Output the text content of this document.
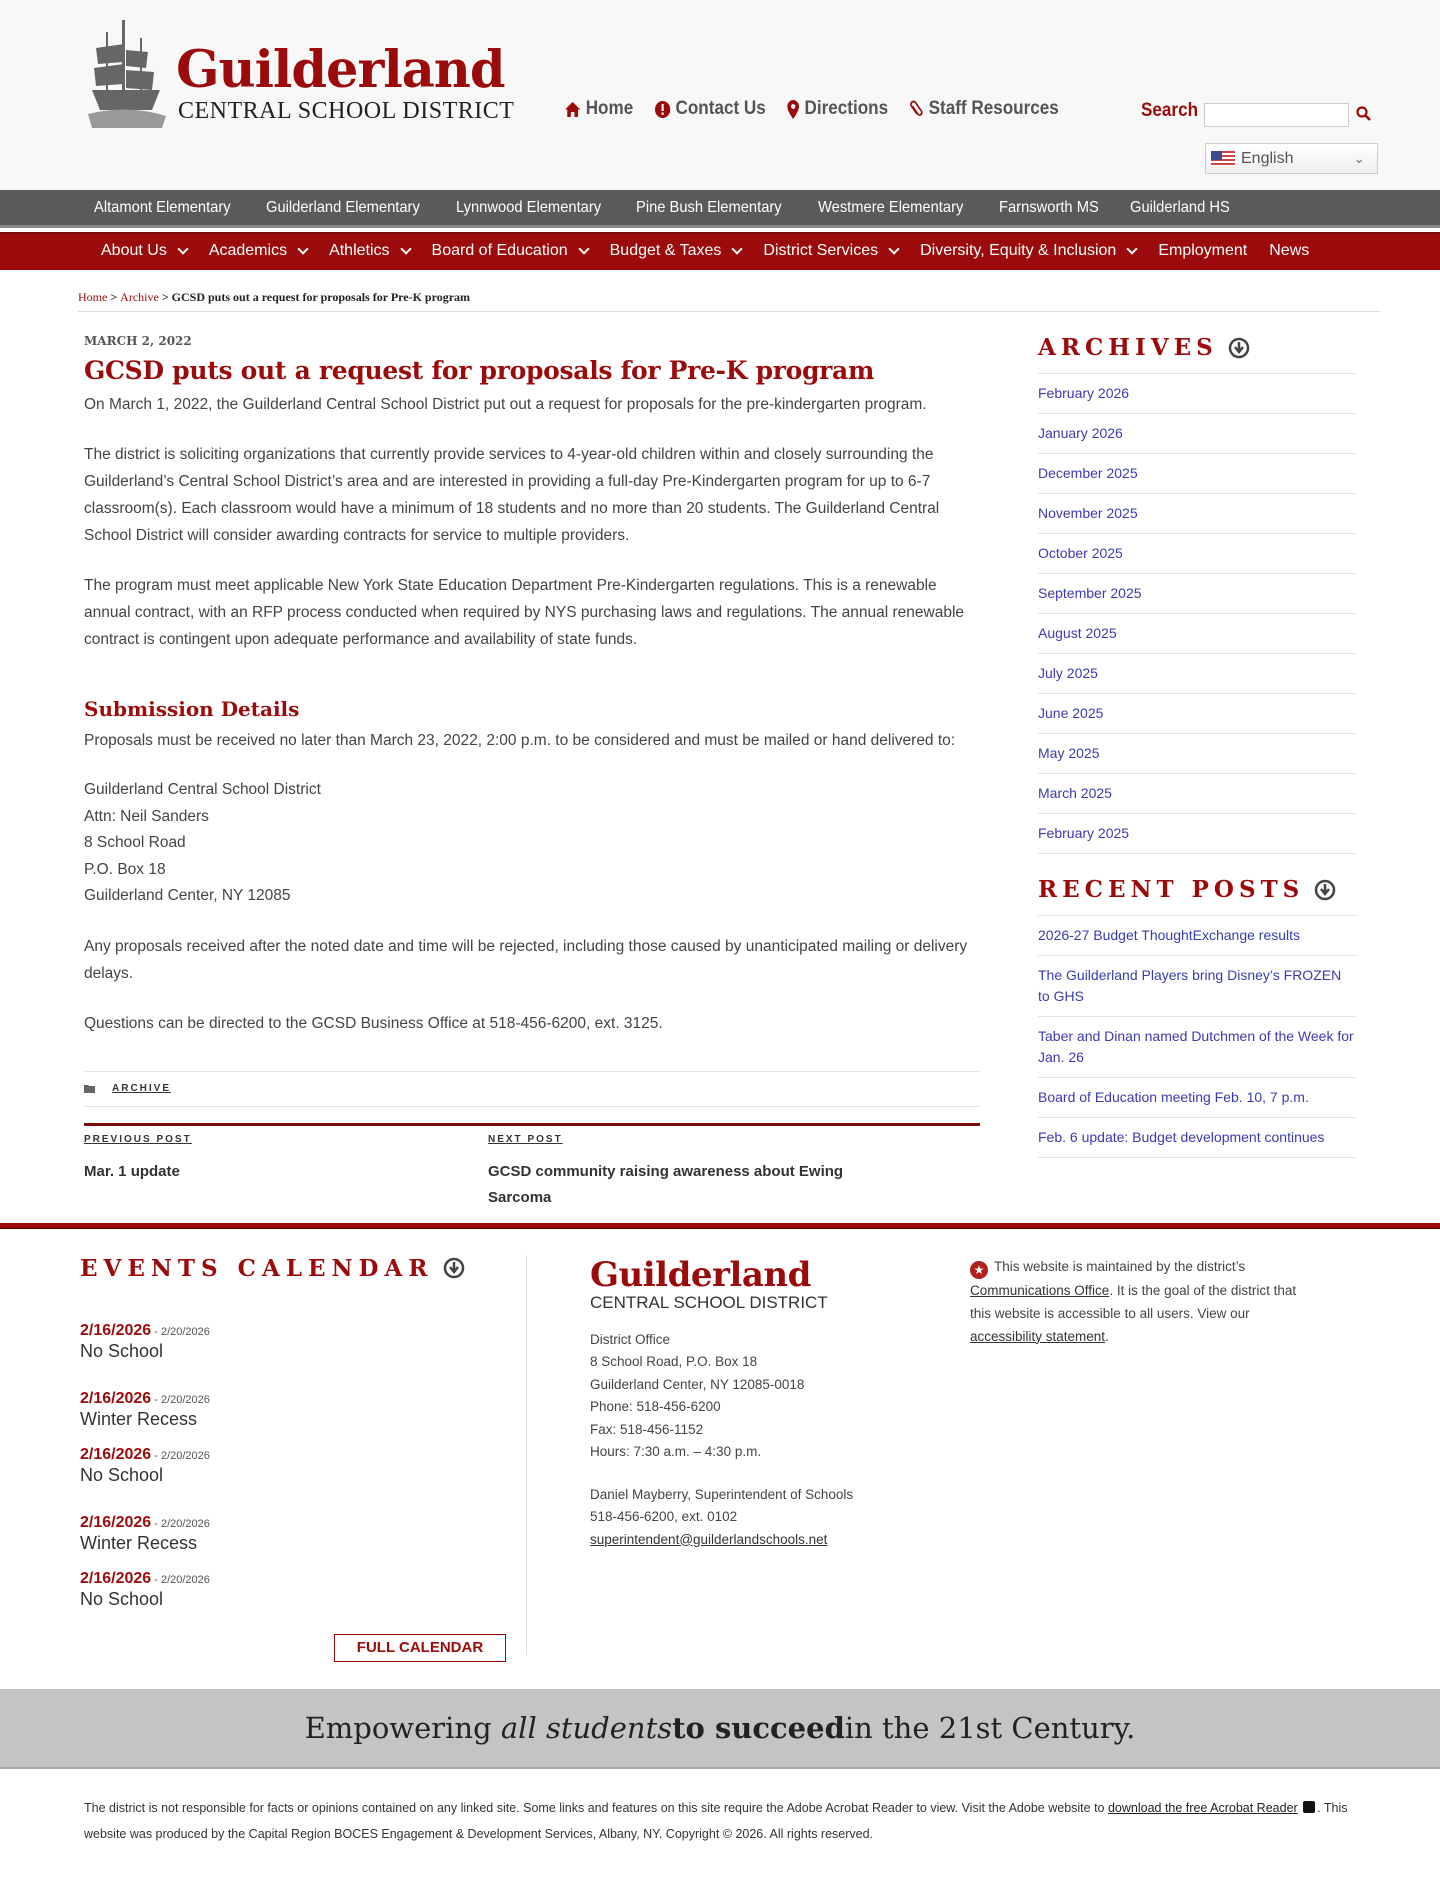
Guilderland
CENTRAL SCHOOL DISTRICT	Home Contact Us Directions Staff Resources	Search
English	⌄
Altamont Elementary Guilderland Elementary Lynnwood Elementary Pine Bush Elementary Westmere Elementary Farnsworth MS Guilderland HS
About Us	Academics	Athletics	Board of Education	Budget & Taxes	District Services	Diversity, Equity & Inclusion	Employment News
Home > Archive > GCSD puts out a request for proposals for Pre-K program
MARCH 2, 2022
GCSD puts out a request for proposals for Pre-K program

On March 1, 2022, the Guilderland Central School District put out a request for proposals for the pre-kindergarten program.

The district is soliciting organizations that currently provide services to 4-year-old children within and closely surrounding the Guilderland’s Central School District’s area and are interested in providing a full-day Pre-Kindergarten program for up to 6-7 classroom(s). Each classroom would have a minimum of 18 students and no more than 20 students. The Guilderland Central School District will consider awarding contracts for service to multiple providers.

The program must meet applicable New York State Education Department Pre-Kindergarten regulations. This is a renewable annual contract, with an RFP process conducted when required by NYS purchasing laws and regulations. The annual renewable contract is contingent upon adequate performance and availability of state funds.

Submission Details

Proposals must be received no later than March 23, 2022, 2:00 p.m. to be considered and must be mailed or hand delivered to:

Guilderland Central School District
Attn: Neil Sanders
8 School Road
P.O. Box 18
Guilderland Center, NY 12085

Any proposals received after the noted date and time will be rejected, including those caused by unanticipated mailing or delivery delays.

Questions can be directed to the GCSD Business Office at 518-456-6200, ext. 3125.

ARCHIVE
PREVIOUS POST
Mar. 1 update
NEXT POST
GCSD community raising awareness about Ewing Sarcoma
ARCHIVES
February 2026
January 2026
December 2025
November 2025
October 2025
September 2025
August 2025
July 2025
June 2025
May 2025
March 2025
February 2025
RECENT POSTS
2026-27 Budget ThoughtExchange results
The Guilderland Players bring Disney’s FROZEN to GHS
Taber and Dinan named Dutchmen of the Week for Jan. 26
Board of Education meeting Feb. 10, 7 p.m.
Feb. 6 update: Budget development continues
EVENTS CALENDAR
2/16/2026 - 2/20/2026
No School
2/16/2026 - 2/20/2026
Winter Recess
2/16/2026 - 2/20/2026
No School
2/16/2026 - 2/20/2026
Winter Recess
2/16/2026 - 2/20/2026
No School
FULL CALENDAR
Guilderland
CENTRAL SCHOOL DISTRICT
District Office
8 School Road, P.O. Box 18
Guilderland Center, NY 12085-0018
Phone: 518-456-6200
Fax: 518-456-1152
Hours: 7:30 a.m. – 4:30 p.m.
Daniel Mayberry, Superintendent of Schools
518-456-6200, ext. 0102
superintendent@guilderlandschools.net
★ This website is maintained by the district’s Communications Office. It is the goal of the district that this website is accessible to all users. View our accessibility statement.
Empowering
all students to succeed in the 21st Century.
The district is not responsible for facts or opinions contained on any linked site. Some links and features on this site require the Adobe Acrobat Reader to view. Visit the Adobe website to download the free Acrobat Reader . This website was produced by the Capital Region BOCES Engagement & Development Services, Albany, NY. Copyright © 2026. All rights reserved.
